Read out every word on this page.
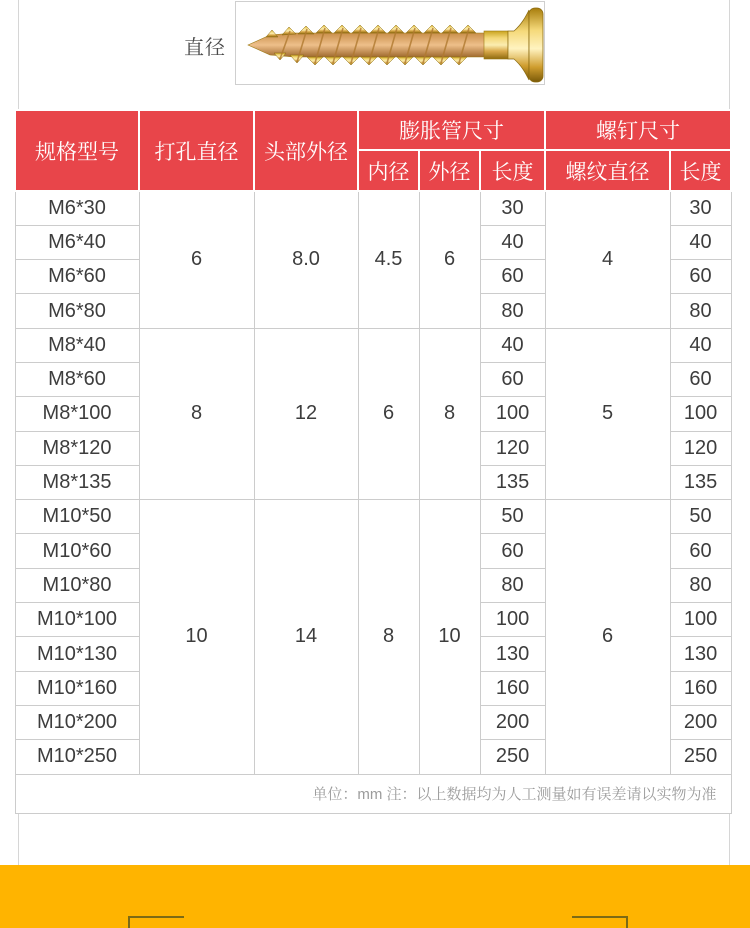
直径
规格型号	打孔直径	头部外径	膨胀管尺寸			螺钉尺寸	
			内径	外径	长度	螺纹直径	长度
M6*30	6	8.0	4.5	6	30	4	30
M6*40					40		40
M6*60					60		60
M6*80					80		80
M8*40	8	12	6	8	40	5	40
M8*60					60		60
M8*100					100		100
M8*120					120		120
M8*135					135		135
M10*50	10	14	8	10	50	6	50
M10*60					60		60
M10*80					80		80
M10*100					100		100
M10*130					130		130
M10*160					160		160
M10*200					200		200
M10*250					250		250
单位：mm 注：以上数据均为人工测量如有误差请以实物为准							
